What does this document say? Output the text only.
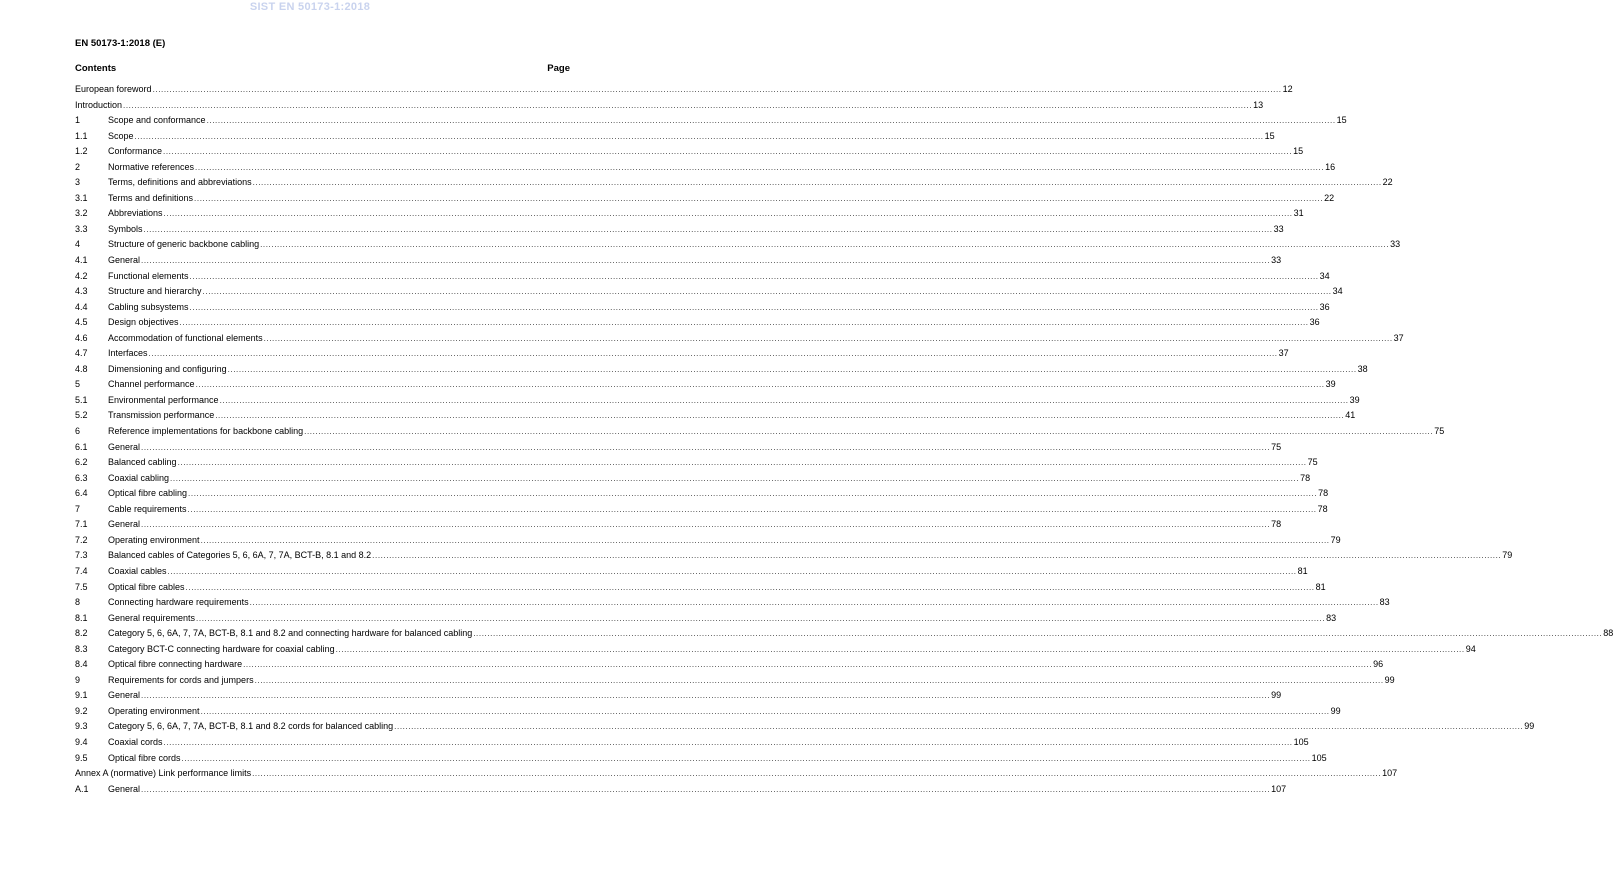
SIST EN 50173-1:2018
EN 50173-1:2018 (E)
Contents	Page
European foreword ................................................................................................................................................................................................................................................................................................................................................................................................................ 12
Introduction ................................................................................................................................................................................................................................................................................................................................................................................................................ 13
1	Scope and conformance ................................................................................................................................................................................................................................................................................................................................................................................................................ 15
1.1	Scope ................................................................................................................................................................................................................................................................................................................................................................................................................ 15
1.2	Conformance ................................................................................................................................................................................................................................................................................................................................................................................................................ 15
2	Normative references ................................................................................................................................................................................................................................................................................................................................................................................................................ 16
3	Terms, definitions and abbreviations ................................................................................................................................................................................................................................................................................................................................................................................................................ 22
3.1	Terms and definitions ................................................................................................................................................................................................................................................................................................................................................................................................................ 22
3.2	Abbreviations ................................................................................................................................................................................................................................................................................................................................................................................................................ 31
3.3	Symbols ................................................................................................................................................................................................................................................................................................................................................................................................................ 33
4	Structure of generic backbone cabling ................................................................................................................................................................................................................................................................................................................................................................................................................ 33
4.1	General ................................................................................................................................................................................................................................................................................................................................................................................................................ 33
4.2	Functional elements ................................................................................................................................................................................................................................................................................................................................................................................................................ 34
4.3	Structure and hierarchy ................................................................................................................................................................................................................................................................................................................................................................................................................ 34
4.4	Cabling subsystems ................................................................................................................................................................................................................................................................................................................................................................................................................ 36
4.5	Design objectives ................................................................................................................................................................................................................................................................................................................................................................................................................ 36
4.6	Accommodation of functional elements ................................................................................................................................................................................................................................................................................................................................................................................................................ 37
4.7	Interfaces ................................................................................................................................................................................................................................................................................................................................................................................................................ 37
4.8	Dimensioning and configuring ................................................................................................................................................................................................................................................................................................................................................................................................................ 38
5	Channel performance ................................................................................................................................................................................................................................................................................................................................................................................................................ 39
5.1	Environmental performance ................................................................................................................................................................................................................................................................................................................................................................................................................ 39
5.2	Transmission performance ................................................................................................................................................................................................................................................................................................................................................................................................................ 41
6	Reference implementations for backbone cabling ................................................................................................................................................................................................................................................................................................................................................................................................................ 75
6.1	General ................................................................................................................................................................................................................................................................................................................................................................................................................ 75
6.2	Balanced cabling ................................................................................................................................................................................................................................................................................................................................................................................................................ 75
6.3	Coaxial cabling ................................................................................................................................................................................................................................................................................................................................................................................................................ 78
6.4	Optical fibre cabling ................................................................................................................................................................................................................................................................................................................................................................................................................ 78
7	Cable requirements ................................................................................................................................................................................................................................................................................................................................................................................................................ 78
7.1	General ................................................................................................................................................................................................................................................................................................................................................................................................................ 78
7.2	Operating environment ................................................................................................................................................................................................................................................................................................................................................................................................................ 79
7.3	Balanced cables of Categories 5, 6, 6A, 7, 7A, BCT-B, 8.1 and 8.2 ................................................................................................................................................................................................................................................................................................................................................................................................................ 79
7.4	Coaxial cables ................................................................................................................................................................................................................................................................................................................................................................................................................ 81
7.5	Optical fibre cables ................................................................................................................................................................................................................................................................................................................................................................................................................ 81
8	Connecting hardware requirements ................................................................................................................................................................................................................................................................................................................................................................................................................ 83
8.1	General requirements ................................................................................................................................................................................................................................................................................................................................................................................................................ 83
8.2	Category 5, 6, 6A, 7, 7A, BCT-B, 8.1 and 8.2 and connecting hardware for balanced cabling ................................................................................................................................................................................................................................................................................................................................................................................................................ 88
8.3	Category BCT-C connecting hardware for coaxial cabling ................................................................................................................................................................................................................................................................................................................................................................................................................ 94
8.4	Optical fibre connecting hardware ................................................................................................................................................................................................................................................................................................................................................................................................................ 96
9	Requirements for cords and jumpers ................................................................................................................................................................................................................................................................................................................................................................................................................ 99
9.1	General ................................................................................................................................................................................................................................................................................................................................................................................................................ 99
9.2	Operating environment ................................................................................................................................................................................................................................................................................................................................................................................................................ 99
9.3	Category 5, 6, 6A, 7, 7A, BCT-B, 8.1 and 8.2 cords for balanced cabling ................................................................................................................................................................................................................................................................................................................................................................................................................ 99
9.4	Coaxial cords ................................................................................................................................................................................................................................................................................................................................................................................................................ 105
9.5	Optical fibre cords ................................................................................................................................................................................................................................................................................................................................................................................................................ 105
Annex A (normative) Link performance limits ................................................................................................................................................................................................................................................................................................................................................................................................................ 107
A.1	General ................................................................................................................................................................................................................................................................................................................................................................................................................ 107
